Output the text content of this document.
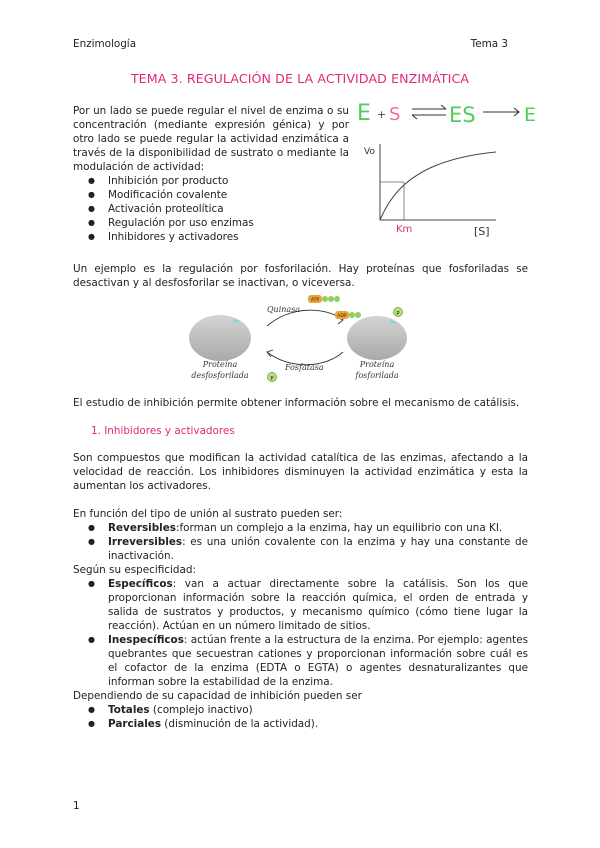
Enzimología	Tema 3
TEMA 3. REGULACIÓN DE LA ACTIVIDAD ENZIMÁTICA

Por un lado se puede regular el nivel de enzima o su concentración (mediante expresión génica) y por otro lado se puede regular la actividad enzimática a través de la disponibilidad de sustrato o mediante la modulación de actividad:

● Inhibición por producto
● Modificación covalente
● Activación proteolítica
● Regulación por uso enzimas
● Inhibidores y activadores
E + S ES	E
Vo
Km	[S]
Un ejemplo es la regulación por fosforilación. Hay proteínas que fosforiladas se desactivan y al desfosforilar se inactivan, o viceversa.
Proteína
desfosforilada
P
Proteína
fosforilada
Quinasa
ATP
ADP
Fosfatasa
P
El estudio de inhibición permite obtener información sobre el mecanismo de catálisis.
1. Inhibidores y activadores
Son compuestos que modifican la actividad catalítica de las enzimas, afectando a la velocidad de reacción. Los inhibidores disminuyen la actividad enzimática y esta la aumentan los activadores.

En función del tipo de unión al sustrato pueden ser:

● Reversibles:forman un complejo a la enzima, hay un equilibrio con una KI.
● Irreversibles: es una unión covalente con la enzima y hay una constante de inactivación.

Según su especificidad:

● Específicos: van a actuar directamente sobre la catálisis. Son los que proporcionan información sobre la reacción química, el orden de entrada y salida de sustratos y productos, y mecanismo químico (cómo tiene lugar la reacción). Actúan en un número limitado de sitios.
● Inespecíficos: actúan frente a la estructura de la enzima. Por ejemplo: agentes quebrantes que secuestran cationes y proporcionan información sobre cuál es el cofactor de la enzima (EDTA o EGTA) o agentes desnaturalizantes que informan sobre la estabilidad de la enzima.

Dependiendo de su capacidad de inhibición pueden ser

● Totales (complejo inactivo)
● Parciales (disminución de la actividad).
1
